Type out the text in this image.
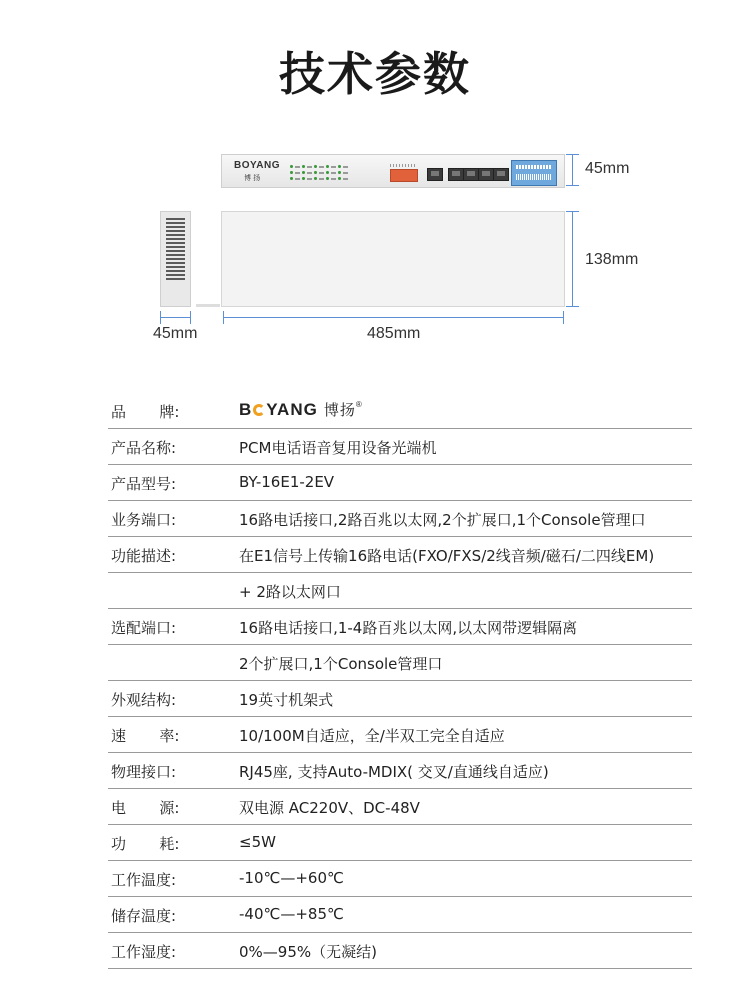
技术参数
BOYANG
博 扬
45mm
138mm
45mm	485mm
品       牌:	B YANG 博扬®
产品名称:	PCM电话语音复用设备光端机
产品型号:	BY-16E1-2EV
业务端口:	16路电话接口,2路百兆以太网,2个扩展口,1个Console管理口
功能描述:	在E1信号上传输16路电话(FXO/FXS/2线音频/磁石/二四线EM)
+ 2路以太网口
选配端口:	16路电话接口,1-4路百兆以太网,以太网带逻辑隔离
2个扩展口,1个Console管理口
外观结构:	19英寸机架式
速       率:	10/100M自适应，全/半双工完全自适应
物理接口:	RJ45座, 支持Auto-MDIX( 交叉/直通线自适应)
电       源:	双电源 AC220V、DC-48V
功       耗:	≤5W
工作温度:	-10℃—+60℃
储存温度:	-40℃—+85℃
工作湿度:	0%—95%（无凝结)
